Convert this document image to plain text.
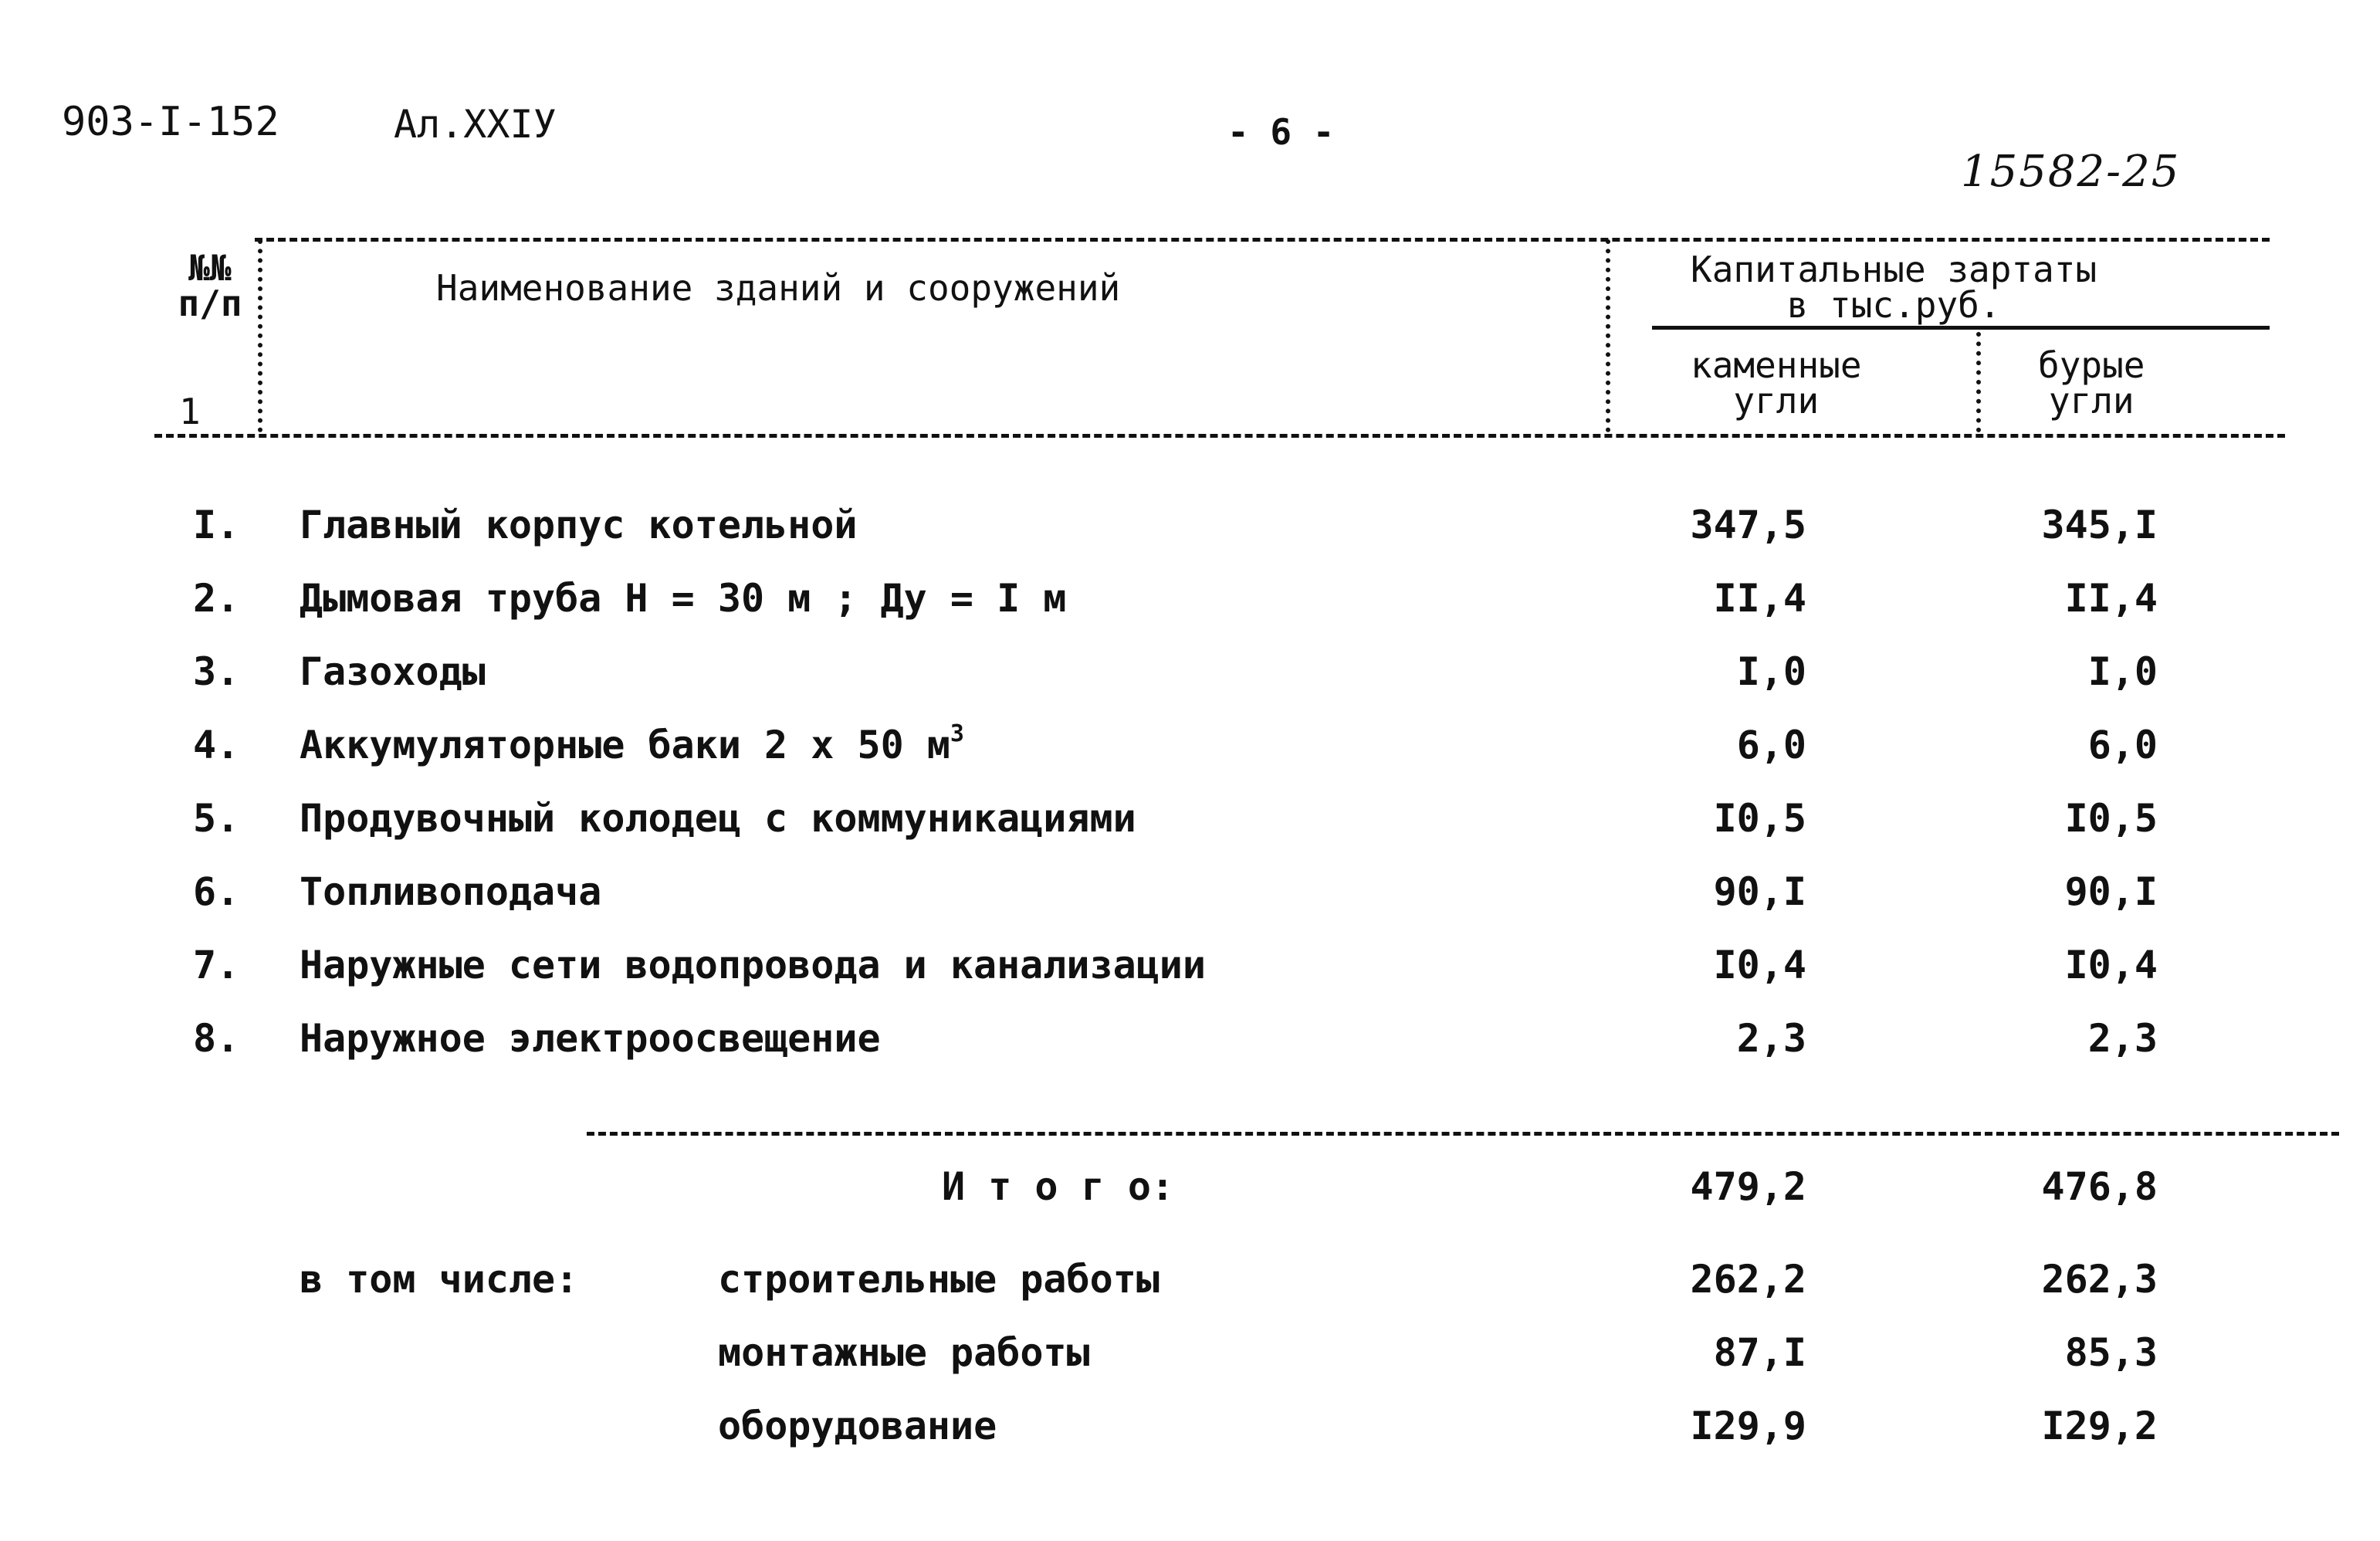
903-I-152	Ал.XXIУ	- 6 -
15582-25
№№
п/п
1
Наименование зданий и сооружений	Капитальные зартаты
в тыс.руб.
каменные
угли
бурые
угли
I. Главный корпус котельной	347,5	345,I
2. Дымовая труба Н = 30 м ; Ду = I м	II,4	II,4
3. Газоходы	I,0	I,0
4. Аккумуляторные баки 2 х 50 $м^3$	6,0	6,0
5. Продувочный колодец с коммуникациями	I0,5	I0,5
6. Топливоподача	90,I	90,I
7. Наружные сети водопровода и канализации	I0,4	I0,4
8. Наружное электроосвещение	2,3	2,3
И т о г о:	479,2	476,8
в том числе:	строительные работы	262,2	262,3
монтажные работы	87,I	85,3
оборудование	I29,9	I29,2
